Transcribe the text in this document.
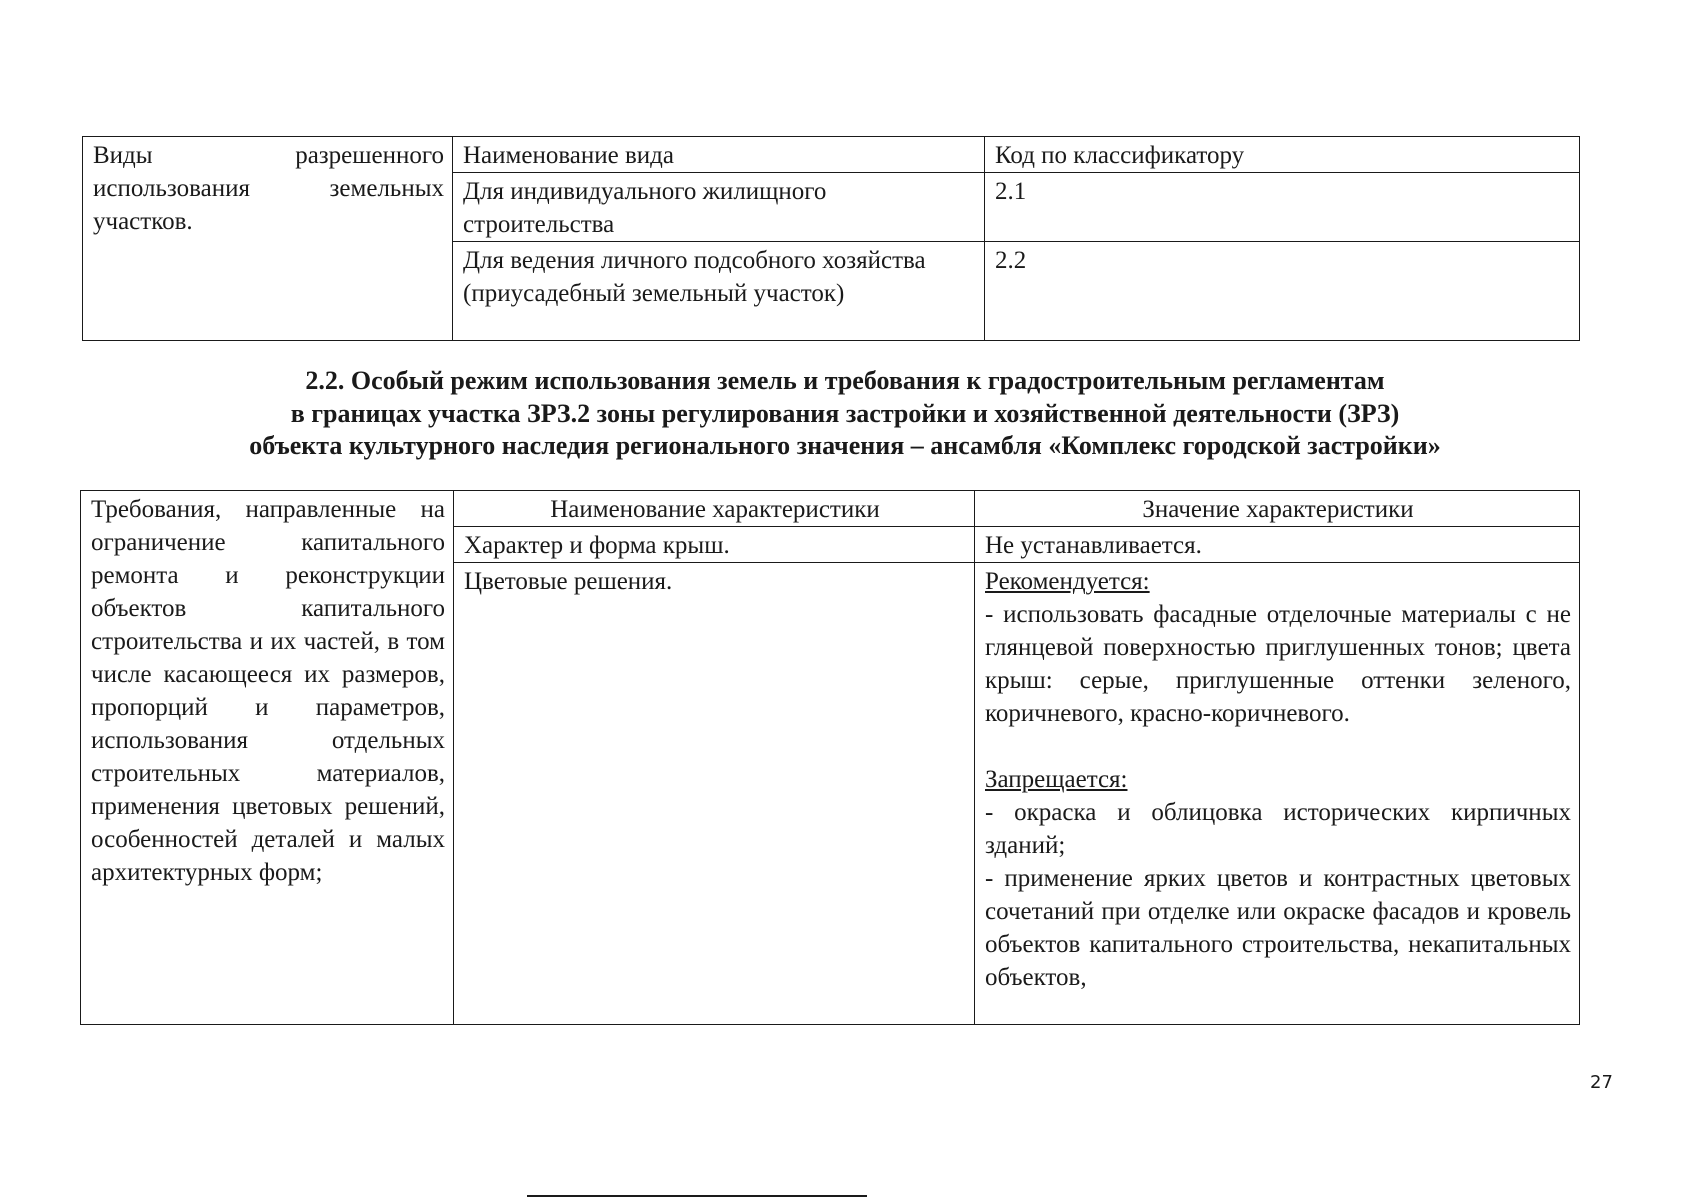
Виды разрешенного использования земельных участков.	Наименование вида	Код по классификатору
	Для индивидуального жилищного строительства	2.1
	Для ведения личного подсобного хозяйства (приусадебный земельный участок)	2.2
2.2. Особый режим использования земель и требования к градостроительным регламентам
в границах участка ЗРЗ.2 зоны регулирования застройки и хозяйственной деятельности (ЗРЗ)
объекта культурного наследия регионального значения – ансамбля «Комплекс городской застройки»
Требования, направленные на ограничение капитального ремонта и реконструкции объектов капитального строительства и их частей, в том числе касающееся их размеров, пропорций и параметров, использования отдельных строительных материалов, применения цветовых решений, особенностей деталей и малых архитектурных форм;	Наименование характеристики	Значение характеристики
	Характер и форма крыш.	Не устанавливается.
	Цветовые решения.	Рекомендуется:
- использовать фасадные отделочные материалы с не глянцевой поверхностью приглушенных тонов; цвета крыш: серые, приглушенные оттенки зеленого, коричневого, красно-коричневого.
Запрещается:
- окраска и облицовка исторических кирпичных зданий;
- применение ярких цветов и контрастных цветовых сочетаний при отделке или окраске фасадов и кровель объектов капитального строительства, некапитальных объектов,
27
